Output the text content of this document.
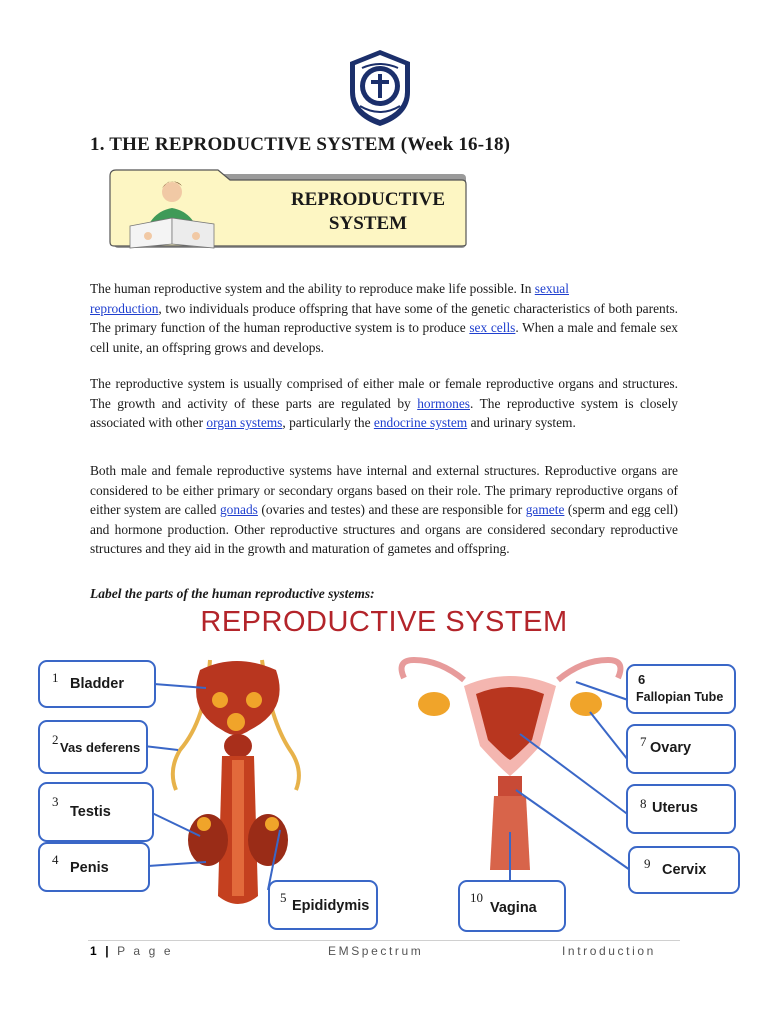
1. THE REPRODUCTIVE SYSTEM (Week 16-18)
REPRODUCTIVE
SYSTEM
The human reproductive system and the ability to reproduce make life possible. In sexual
reproduction, two individuals produce offspring that have some of the genetic characteristics of both parents. The primary function of the human reproductive system is to produce sex cells. When a male and female sex cell unite, an offspring grows and develops.
The reproductive system is usually comprised of either male or female reproductive organs and structures. The growth and activity of these parts are regulated by hormones. The reproductive system is closely associated with other organ systems, particularly the endocrine system and urinary system.
Both male and female reproductive systems have internal and external structures. Reproductive organs are considered to be either primary or secondary organs based on their role. The primary reproductive organs of either system are called gonads (ovaries and testes) and these are responsible for gamete (sperm and egg cell) and hormone production. Other reproductive structures and organs are considered secondary reproductive structures and they aid in the growth and maturation of gametes and offspring.
Label the parts of the human reproductive systems:
REPRODUCTIVE SYSTEM
1 Bladder
2
Vas deferens
3
Testis
4
Penis
5
Epididymis
6
Fallopian Tube
7 Ovary
8 Uterus
9 Cervix
10
Vagina
1 | P a g e	EMSpectrum	Introduction
